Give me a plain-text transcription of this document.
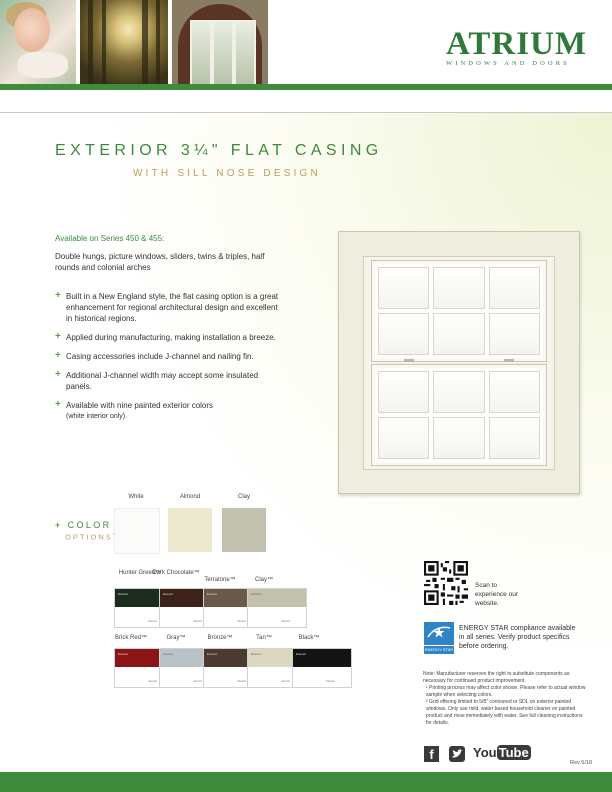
ATRIUM
WINDOWS AND DOORS
EXTERIOR 3¼" FLAT CASING
WITH SILL NOSE DESIGN
Available on Series 450 & 455:
Double hungs, picture windows, sliders, twins & triples, half rounds and colonial arches
+ Built in a New England style, the flat casing option is a great enhancement for regional architectural design and excellent in historical regions.
+ Applied during manufacturing, making installation a breeze.
+ Casing accessories include J-channel and nailing fin.
+ Additional J-channel width may accept some insulated panels.
+ Available with nine painted exterior colors
(white interior only).
White	Almond	Clay
+ COLOR
$OPTIONS^{^1}$
Hunter Green™
Dark Chocolate™
Terratone™	Clay™
Exterior
Interior
Exterior
Interior
Exterior
Interior
Exterior
Interior
Brick Red™	Gray™	Bronze™	Tan™	Black™
Exterior
Interior
Exterior
Interior
Exterior
Interior
Exterior
Interior
Exterior
Interior
Scan to experience our website.
ENERGY STAR
ENERGY STAR compliance available in all series. Verify product specifics before ordering.
Note: Manufacturer reserves the right to substitute components as necessary for continued product improvement.
¹ Printing process may affect color shown. Please refer to actual window sample when selecting colors.
² Grid offering limited to 5/8" contoured or SDL on exterior painted windows. Only use mild, water based household cleaner on painted product and rinse immediately with water. See full cleaning instructions for details.
f	You Tube
Rev 5/18
